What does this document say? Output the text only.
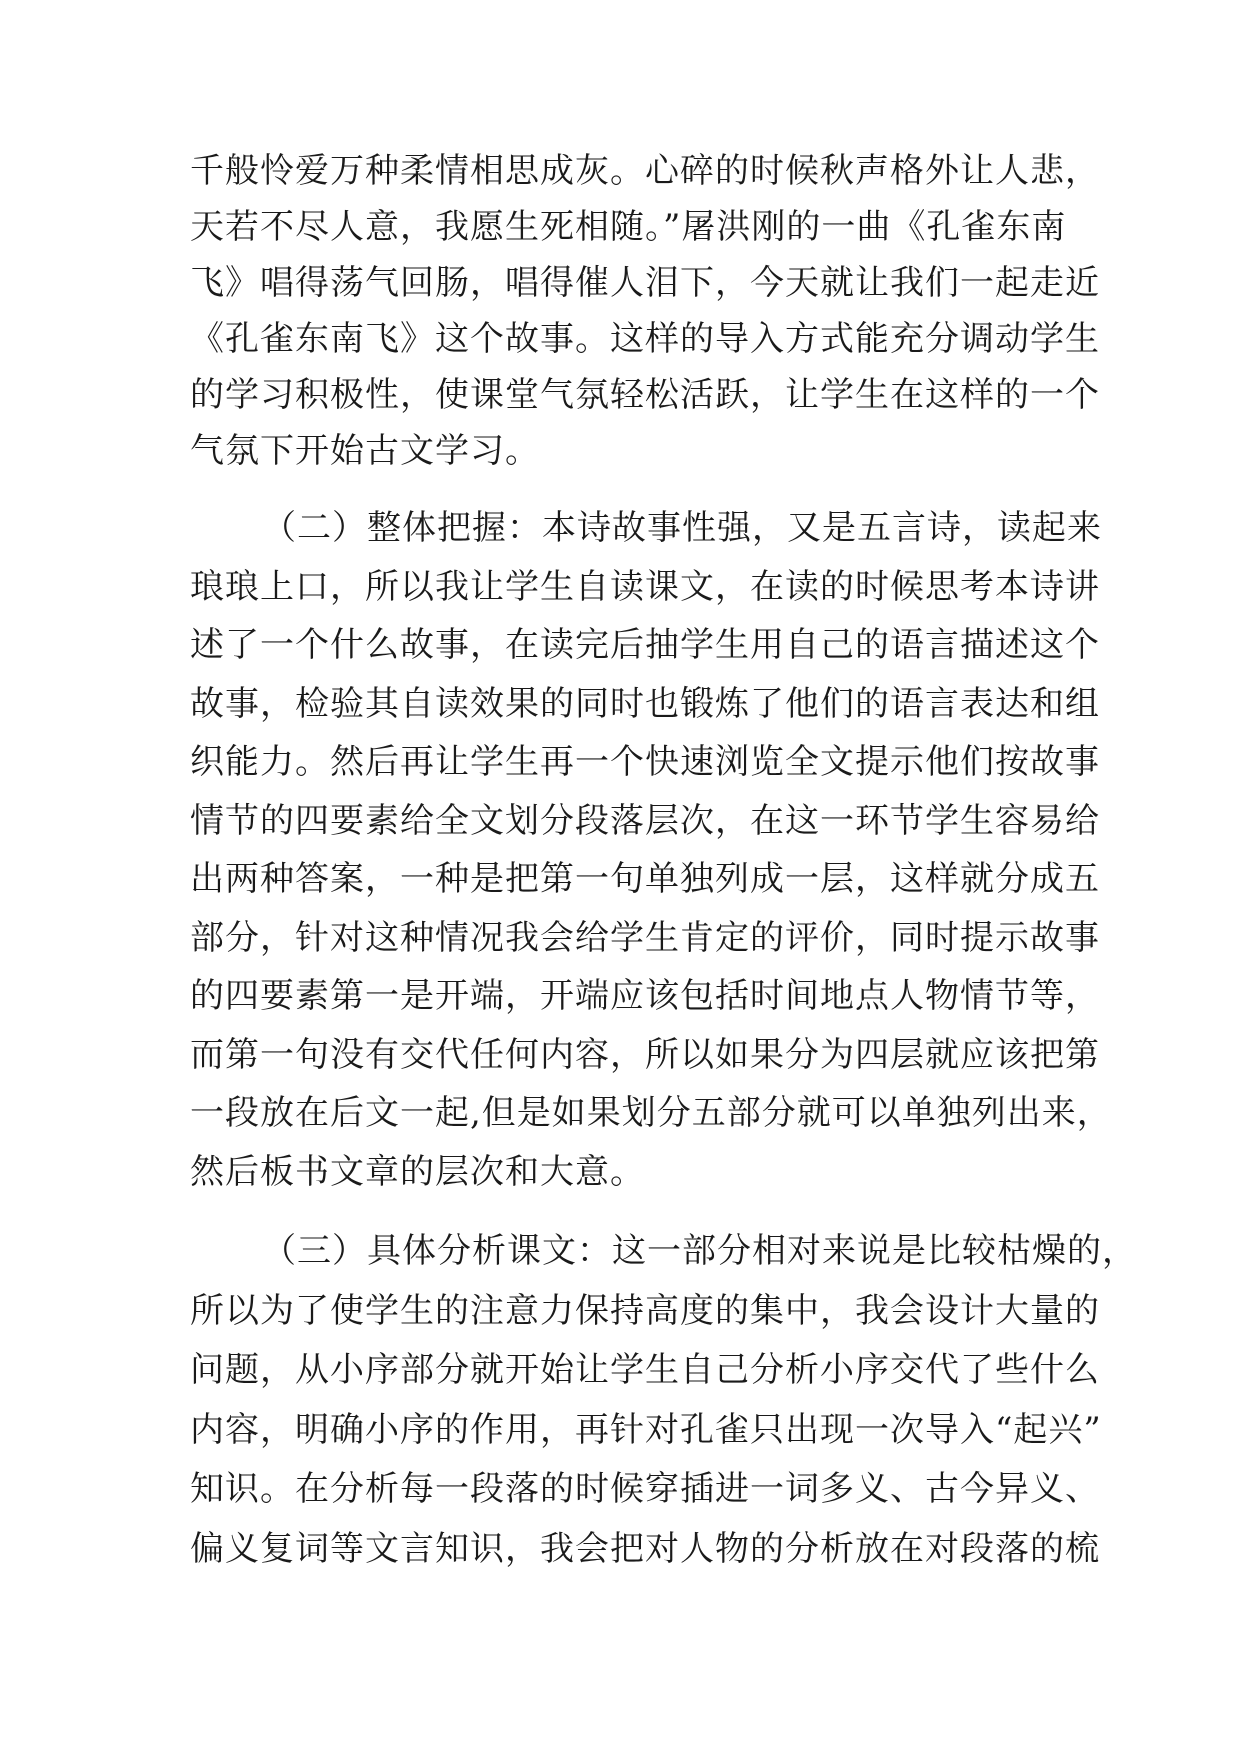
千般怜爱万种柔情相思成灰。心碎的时候秋声格外让人悲，
天若不尽人意，我愿生死相随。”屠洪刚的一曲《孔雀东南
飞》唱得荡气回肠，唱得催人泪下，今天就让我们一起走近
《孔雀东南飞》这个故事。这样的导入方式能充分调动学生
的学习积极性，使课堂气氛轻松活跃，让学生在这样的一个
气氛下开始古文学习。
（二）整体把握：本诗故事性强，又是五言诗，读起来
琅琅上口，所以我让学生自读课文，在读的时候思考本诗讲
述了一个什么故事，在读完后抽学生用自己的语言描述这个
故事，检验其自读效果的同时也锻炼了他们的语言表达和组
织能力。然后再让学生再一个快速浏览全文提示他们按故事
情节的四要素给全文划分段落层次，在这一环节学生容易给
出两种答案，一种是把第一句单独列成一层，这样就分成五
部分，针对这种情况我会给学生肯定的评价，同时提示故事
的四要素第一是开端，开端应该包括时间地点人物情节等，
而第一句没有交代任何内容，所以如果分为四层就应该把第
一段放在后文一起,但是如果划分五部分就可以单独列出来，
然后板书文章的层次和大意。
（三）具体分析课文：这一部分相对来说是比较枯燥的，
所以为了使学生的注意力保持高度的集中，我会设计大量的
问题，从小序部分就开始让学生自己分析小序交代了些什么
内容，明确小序的作用，再针对孔雀只出现一次导入“起兴”
知识。在分析每一段落的时候穿插进一词多义、古今异义、
偏义复词等文言知识，我会把对人物的分析放在对段落的梳
